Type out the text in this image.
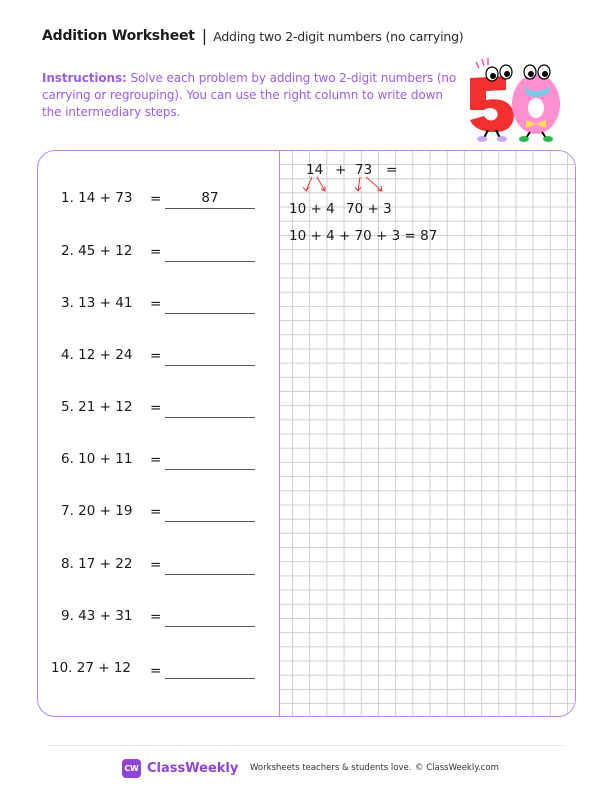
Addition Worksheet | Adding two 2-digit numbers (no carrying)
Instructions: Solve each problem by adding two 2-digit numbers (no carrying or regrouping). You can use the right column to write down the intermediary steps.
1. 14 + 73 =	87
2. 45 + 12 =
3. 13 + 41 =
4. 12 + 24 =
5. 21 + 12 =
6. 10 + 11 =
7. 20 + 19 =
8. 17 + 22 =
9. 43 + 31 =
10. 27 + 12 =
14 + 73 =
10 + 4 70 + 3
10 + 4 + 70 + 3 = 87
CW ClassWeekly Worksheets teachers & students love. © ClassWeekly.com
